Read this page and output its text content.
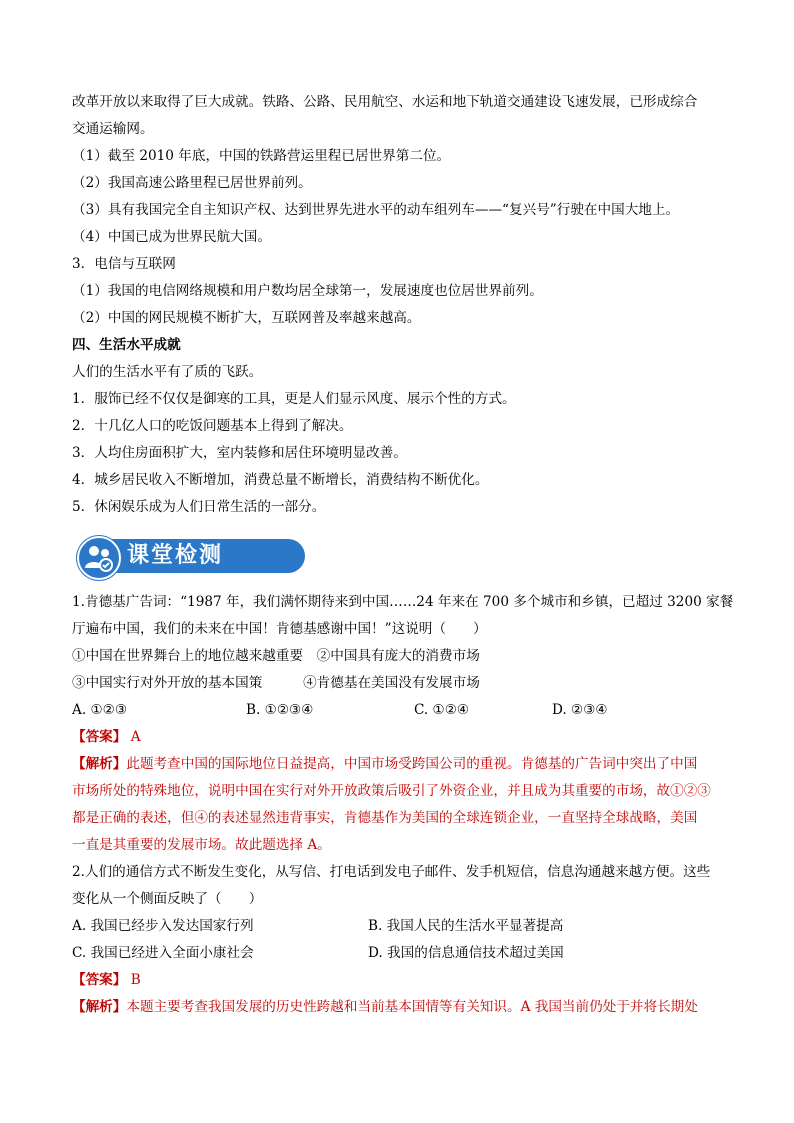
改革开放以来取得了巨大成就。铁路、公路、民用航空、水运和地下轨道交通建设飞速发展，已形成综合
交通运输网。
（1）截至 2010 年底，中国的铁路营运里程已居世界第二位。
（2）我国高速公路里程已居世界前列。
（3）具有我国完全自主知识产权、达到世界先进水平的动车组列车——“复兴号”行驶在中国大地上。
（4）中国已成为世界民航大国。
3．电信与互联网
（1）我国的电信网络规模和用户数均居全球第一，发展速度也位居世界前列。
（2）中国的网民规模不断扩大，互联网普及率越来越高。
四、生活水平成就
人们的生活水平有了质的飞跃。
1．服饰已经不仅仅是御寒的工具，更是人们显示风度、展示个性的方式。
2．十几亿人口的吃饭问题基本上得到了解决。
3．人均住房面积扩大，室内装修和居住环境明显改善。
4．城乡居民收入不断增加，消费总量不断增长，消费结构不断优化。
5．休闲娱乐成为人们日常生活的一部分。
课堂检测
1.肯德基广告词：“1987 年，我们满怀期待来到中国……24 年来在 700 多个城市和乡镇，已超过 3200 家餐
厅遍布中国，我们的未来在中国！肯德基感谢中国！”这说明（　　）
①中国在世界舞台上的地位越来越重要　②中国具有庞大的消费市场
③中国实行对外开放的基本国策　　　④肯德基在美国没有发展市场
A. ①②③	B. ①②③④	C. ①②④	D. ②③④
【答案】 A
【解析】此题考查中国的国际地位日益提高，中国市场受跨国公司的重视。肯德基的广告词中突出了中国
市场所处的特殊地位，说明中国在实行对外开放政策后吸引了外资企业，并且成为其重要的市场，故①②③
都是正确的表述，但④的表述显然违背事实，肯德基作为美国的全球连锁企业，一直坚持全球战略，美国
一直是其重要的发展市场。故此题选择 A。
2.人们的通信方式不断发生变化，从写信、打电话到发电子邮件、发手机短信，信息沟通越来越方便。这些
变化从一个侧面反映了（　　）
A. 我国已经步入发达国家行列	B. 我国人民的生活水平显著提高
C. 我国已经进入全面小康社会	D. 我国的信息通信技术超过美国
【答案】 B
【解析】本题主要考查我国发展的历史性跨越和当前基本国情等有关知识。A 我国当前仍处于并将长期处
